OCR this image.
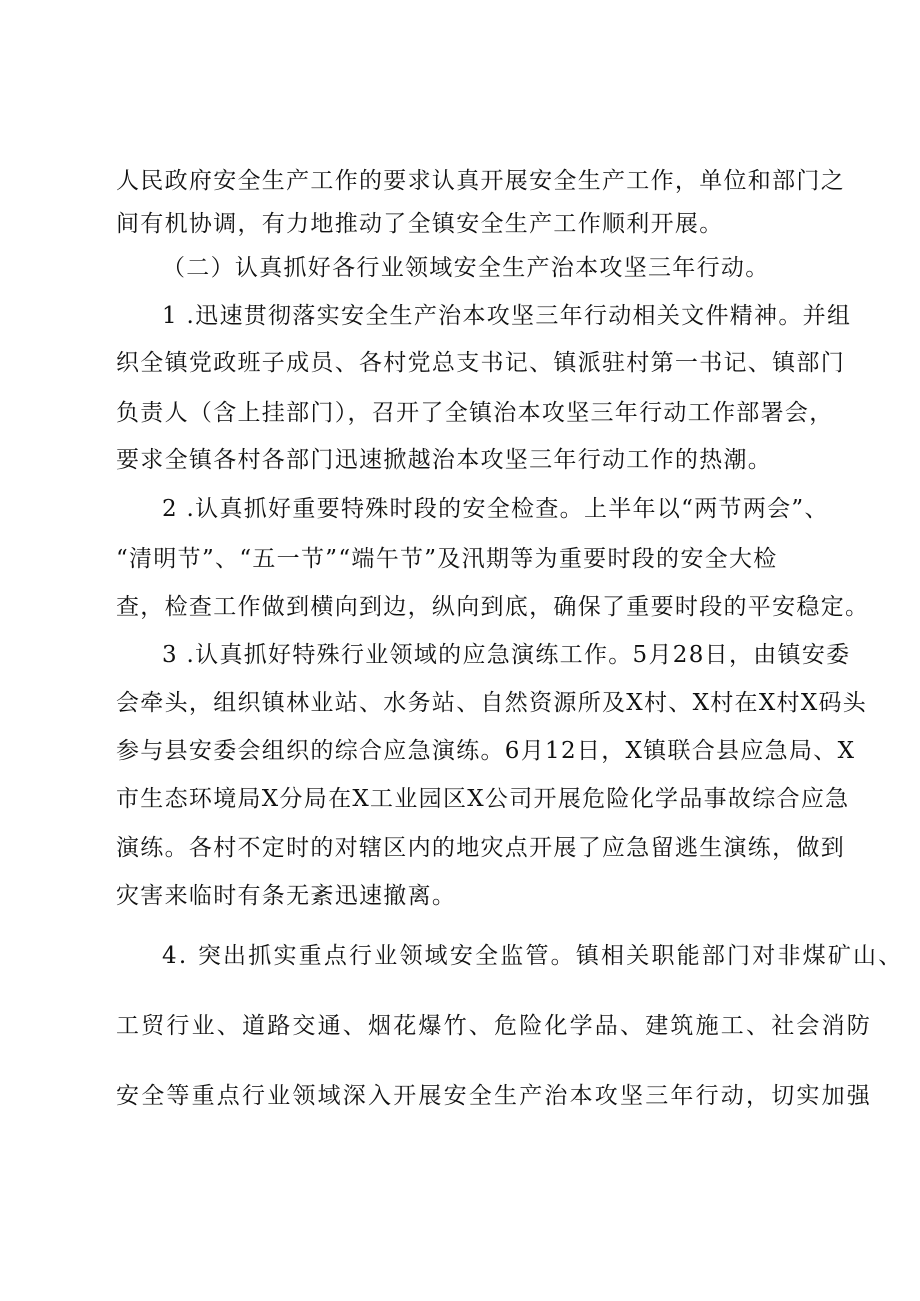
人民政府安全生产工作的要求认真开展安全生产工作，单位和部门之
间有机协调，有力地推动了全镇安全生产工作顺利开展。
（二）认真抓好各行业领域安全生产治本攻坚三年行动。
1 .迅速贯彻落实安全生产治本攻坚三年行动相关文件精神。并组
织全镇党政班子成员、各村党总支书记、镇派驻村第一书记、镇部门
负责人（含上挂部门），召开了全镇治本攻坚三年行动工作部署会，
要求全镇各村各部门迅速掀越治本攻坚三年行动工作的热潮。
2 .认真抓好重要特殊时段的安全检查。上半年以“两节两会”、
“清明节”、“五一节”“端午节”及汛期等为重要时段的安全大检
查，检查工作做到横向到边，纵向到底，确保了重要时段的平安稳定。
3 .认真抓好特殊行业领域的应急演练工作。5月28日，由镇安委
会牵头，组织镇林业站、水务站、自然资源所及X村、X村在X村X码头
参与县安委会组织的综合应急演练。6月12日，X镇联合县应急局、X
市生态环境局X分局在X工业园区X公司开展危险化学品事故综合应急
演练。各村不定时的对辖区内的地灾点开展了应急留逃生演练，做到
灾害来临时有条无紊迅速撤离。
4. 突出抓实重点行业领域安全监管。镇相关职能部门对非煤矿山、
工贸行业、道路交通、烟花爆竹、危险化学品、建筑施工、社会消防
安全等重点行业领域深入开展安全生产治本攻坚三年行动，切实加强
